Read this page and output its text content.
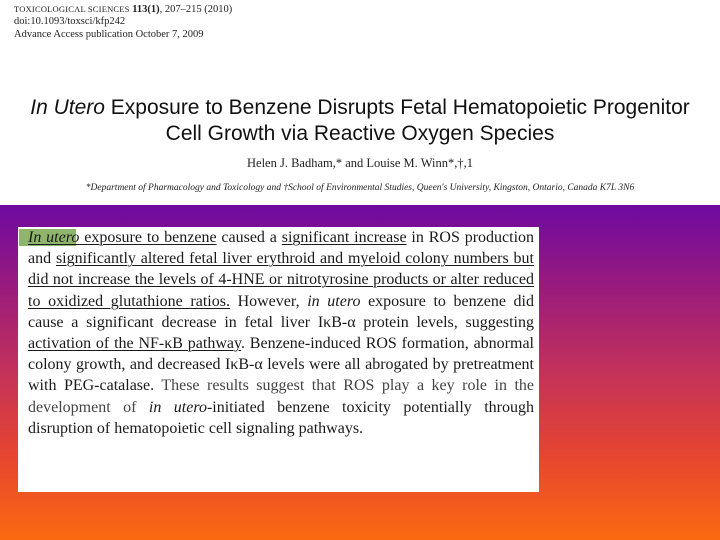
TOXICOLOGICAL SCIENCES 113(1), 207–215 (2010)
doi:10.1093/toxsci/kfp242
Advance Access publication October 7, 2009
In Utero Exposure to Benzene Disrupts Fetal Hematopoietic Progenitor
Cell Growth via Reactive Oxygen Species
Helen J. Badham,* and Louise M. Winn*,†,1
*Department of Pharmacology and Toxicology and †School of Environmental Studies, Queen's University, Kingston, Ontario, Canada K7L 3N6
In utero exposure to benzene caused a significant increase in ROS production and significantly altered fetal liver erythroid and myeloid colony numbers but did not increase the levels of 4-HNE or nitrotyrosine products or alter reduced to oxidized glutathione ratios. However, in utero exposure to benzene did cause a significant decrease in fetal liver IκB-α protein levels, suggesting activation of the NF-κB pathway. Benzene-induced ROS formation, abnormal colony growth, and decreased IκB-α levels were all abrogated by pretreatment with PEG-catalase. These results suggest that ROS play a key role in the development of in utero-initiated benzene toxicity potentially through disruption of hematopoietic cell signaling pathways.
